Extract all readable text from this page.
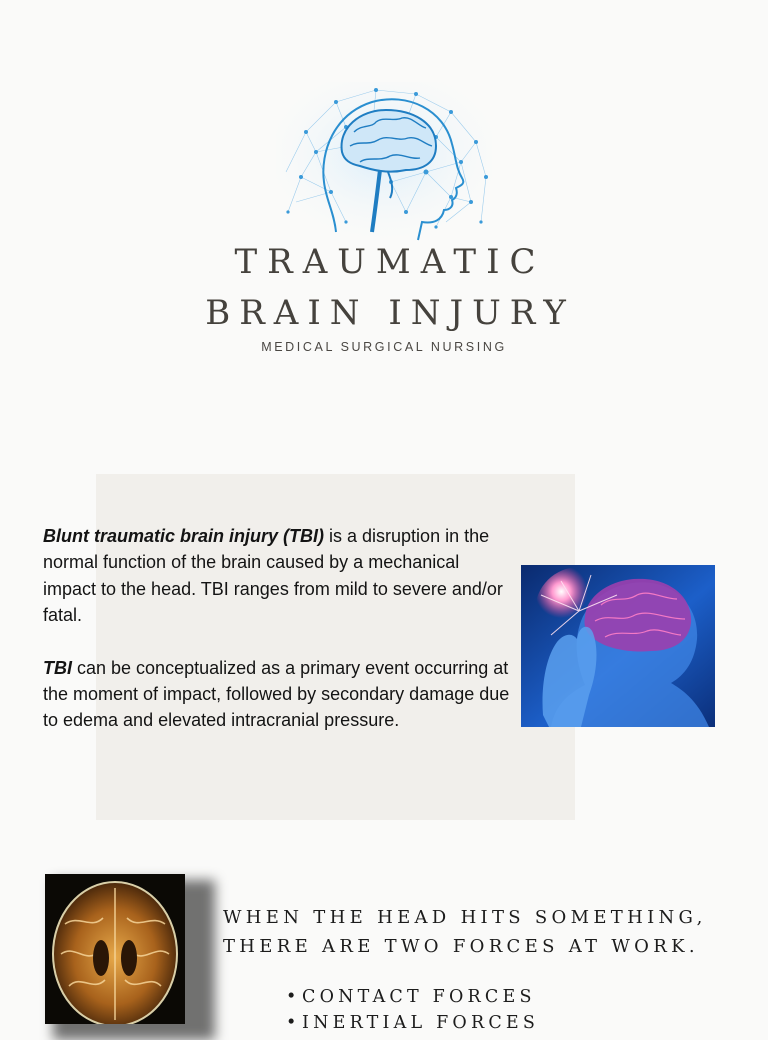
TRAUMATIC
BRAIN INJURY
MEDICAL SURGICAL NURSING

Blunt traumatic brain injury (TBI) is a disruption in the normal function of the brain caused by a mechanical impact to the head. TBI ranges from mild to severe and/or fatal.

TBI can be conceptualized as a primary event occurring at the moment of impact, followed by secondary damage due to edema and elevated intracranial pressure.

WHEN THE HEAD HITS SOMETHING,
THERE ARE TWO FORCES AT WORK.
• CONTACT FORCES
• INERTIAL FORCES
